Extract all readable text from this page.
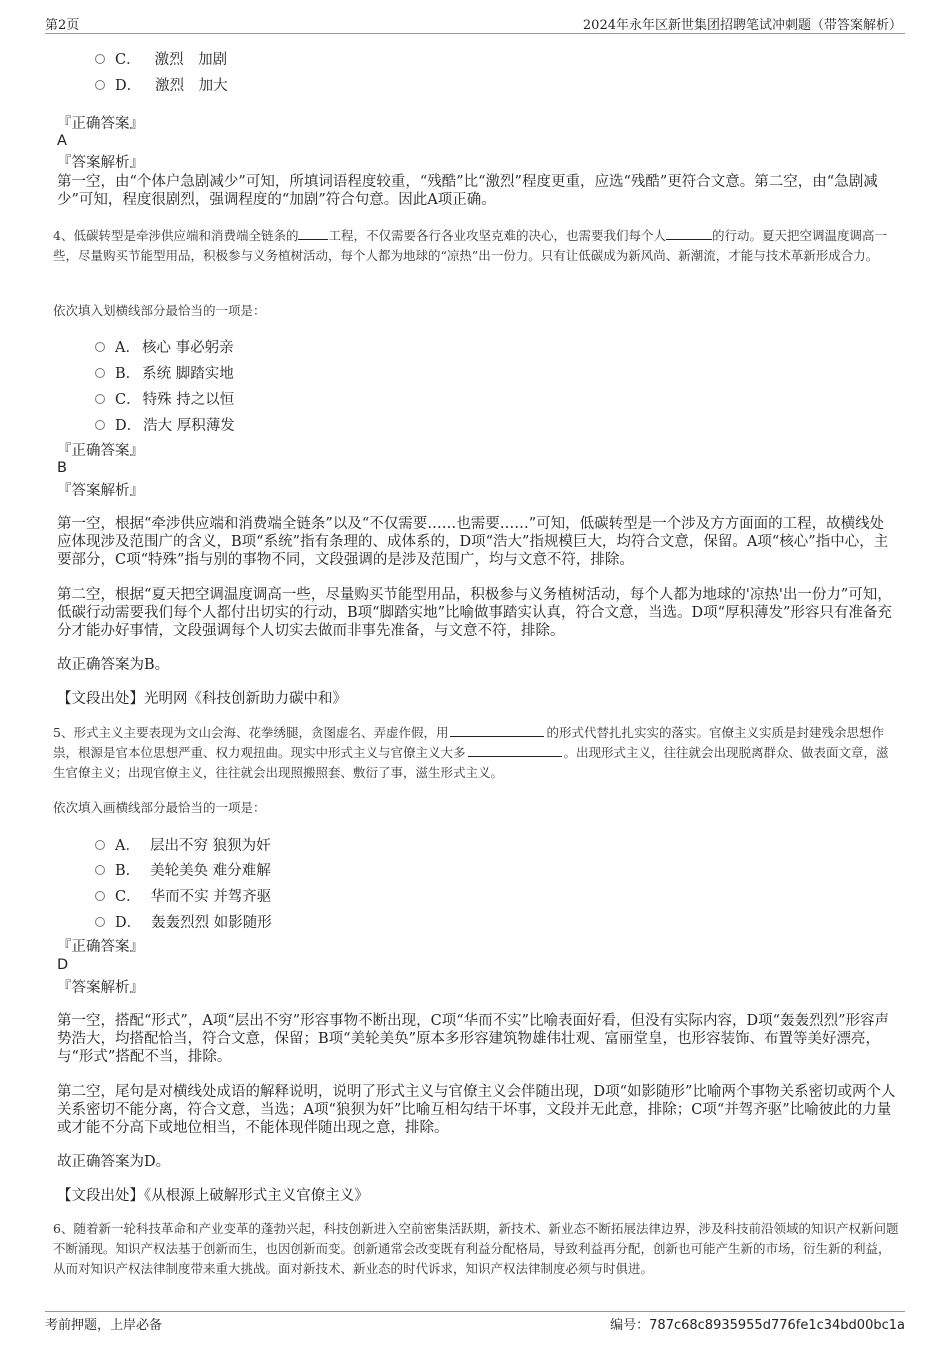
第2页	2024年永年区新世集团招聘笔试冲刺题（带答案解析）
C． 激烈　加剧
D． 激烈　加大
『正确答案』
A
『答案解析』
第一空，由“个体户急剧减少”可知，所填词语程度较重，“残酷”比“激烈”程度更重，应选“残酷”更符合文意。第二空，由“急剧减少”可知，程度很剧烈，强调程度的“加剧”符合句意。因此A项正确。
4、低碳转型是牵涉供应端和消费端全链条的 工程，不仅需要各行各业攻坚克难的决心，也需要我们每个人	的行动。夏天把空调温度调高一些，尽量购买节能型用品，积极参与义务植树活动，每个人都为地球的“凉热”出一份力。只有让低碳成为新风尚、新潮流，才能与技术革新形成合力。
依次填入划横线部分最恰当的一项是：
A． 核心 事必躬亲
B． 系统 脚踏实地
C． 特殊 持之以恒
D． 浩大 厚积薄发
『正确答案』
B
『答案解析』
第一空，根据“牵涉供应端和消费端全链条”以及“不仅需要……也需要……”可知，低碳转型是一个涉及方方面面的工程，故横线处应体现涉及范围广的含义，B项“系统”指有条理的、成体系的，D项“浩大”指规模巨大，均符合文意，保留。A项“核心”指中心，主要部分，C项“特殊”指与别的事物不同，文段强调的是涉及范围广，均与文意不符，排除。
第二空，根据“夏天把空调温度调高一些，尽量购买节能型用品，积极参与义务植树活动，每个人都为地球的'凉热'出一份力”可知，低碳行动需要我们每个人都付出切实的行动，B项“脚踏实地”比喻做事踏实认真，符合文意，当选。D项“厚积薄发”形容只有准备充分才能办好事情，文段强调每个人切实去做而非事先准备，与文意不符，排除。
故正确答案为B。
【文段出处】光明网《科技创新助力碳中和》
5、形式主义主要表现为文山会海、花拳绣腿，贪图虚名、弄虚作假，用	的形式代替扎扎实实的落实。官僚主义实质是封建残余思想作祟，根源是官本位思想严重、权力观扭曲。现实中形式主义与官僚主义大多	。出现形式主义，往往就会出现脱离群众、做表面文章，滋生官僚主义；出现官僚主义，往往就会出现照搬照套、敷衍了事，滋生形式主义。
依次填入画横线部分最恰当的一项是：
A． 层出不穷 狼狈为奸
B． 美轮美奂 难分难解
C． 华而不实 并驾齐驱
D． 轰轰烈烈 如影随形
『正确答案』
D
『答案解析』
第一空，搭配“形式”，A项“层出不穷”形容事物不断出现，C项“华而不实”比喻表面好看，但没有实际内容，D项“轰轰烈烈”形容声势浩大，均搭配恰当，符合文意，保留；B项“美轮美奂”原本多形容建筑物雄伟壮观、富丽堂皇，也形容装饰、布置等美好漂亮，与“形式”搭配不当，排除。
第二空，尾句是对横线处成语的解释说明，说明了形式主义与官僚主义会伴随出现，D项“如影随形”比喻两个事物关系密切或两个人关系密切不能分离，符合文意，当选；A项“狼狈为奸”比喻互相勾结干坏事，文段并无此意，排除；C项“并驾齐驱”比喻彼此的力量或才能不分高下或地位相当，不能体现伴随出现之意，排除。
故正确答案为D。
【文段出处】《从根源上破解形式主义官僚主义》
6、随着新一轮科技革命和产业变革的蓬勃兴起，科技创新进入空前密集活跃期，新技术、新业态不断拓展法律边界，涉及科技前沿领域的知识产权新问题不断涌现。知识产权法基于创新而生，也因创新而变。创新通常会改变既有利益分配格局，导致利益再分配，创新也可能产生新的市场，衍生新的利益，从而对知识产权法律制度带来重大挑战。面对新技术、新业态的时代诉求，知识产权法律制度必须与时俱进。
考前押题，上岸必备	编号：787c68c8935955d776fe1c34bd00bc1a
